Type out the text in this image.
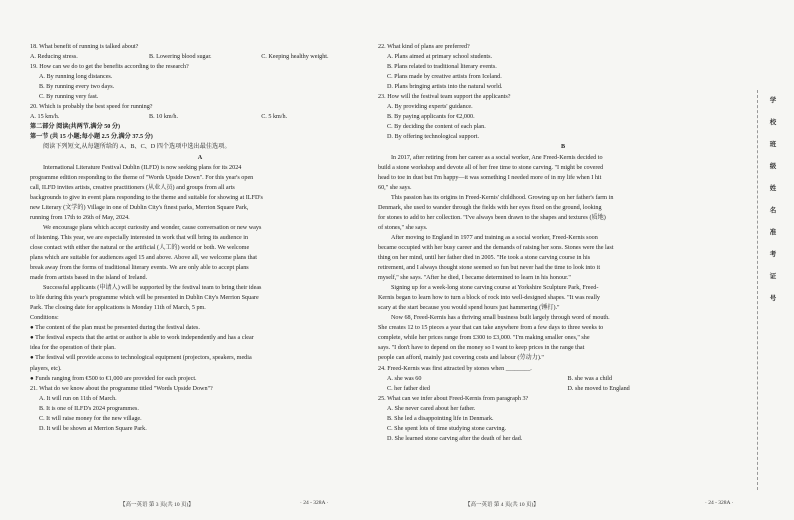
18. What benefit of running is talked about?

A. Reducing stress.	B. Lowering blood sugar.	C. Keeping healthy weight.

19. How can we do to get the benefits according to the research?

A. By running long distances.

B. By running every two days.

C. By running very fast.

20. Which is probably the best speed for running?

A. 15 km/h.	B. 10 km/h.	C. 5 km/h.

第二部分 阅读(共两节,满分 50 分)

第一节 (共 15 小题;每小题 2.5 分,满分 37.5 分)

阅读下列短文,从每题所给的 A、B、C、D 四个选项中选出最佳选项。

A

International Literature Festival Dublin (ILFD) is now seeking plans for its 2024

programme edition responding to the theme of "Words Upside Down". For this year's open

call, ILFD invites artists, creative practitioners (从业人员) and groups from all arts

backgrounds to give in event plans responding to the theme and suitable for showing at ILFD's

new Literary (文学的) Village in one of Dublin City's finest parks, Merrion Square Park,

running from 17th to 26th of May, 2024.

We encourage plans which accept curiosity and wonder, cause conversation or new ways

of listening. This year, we are especially interested in work that will bring its audience in

close contact with either the natural or the artificial (人工的) world or both. We welcome

plans which are suitable for audiences aged 15 and above. Above all, we welcome plans that

break away from the forms of traditional literary events. We are only able to accept plans

made from artists based in the island of Ireland.

Successful applicants (申请人) will be supported by the festival team to bring their ideas

to life during this year's programme which will be presented in Dublin City's Merrion Square

Park. The closing date for applications is Monday 11th of March, 5 pm.

Conditions:

● The content of the plan must be presented during the festival dates.

● The festival expects that the artist or author is able to work independently and has a clear

idea for the operation of their plan.

● The festival will provide access to technological equipment (projectors, speakers, media

players, etc).

● Funds ranging from €500 to €1,000 are provided for each project.

21. What do we know about the programme titled "Words Upside Down"?

A. It will run on 11th of March.

B. It is one of ILFD's 2024 programmes.

C. It will raise money for the new village.

D. It will be shown at Merrion Square Park.

22. What kind of plans are preferred?

A. Plans aimed at primary school students.

B. Plans related to traditional literary events.

C. Plans made by creative artists from Iceland.

D. Plans bringing artists into the natural world.

23. How will the festival team support the applicants?

A. By providing experts' guidance.

B. By paying applicants for €2,000.

C. By deciding the content of each plan.

D. By offering technological support.

B

In 2017, after retiring from her career as a social worker, Ane Freed-Kernis decided to

build a stone workshop and devote all of her free time to stone carving. "I might be covered

head to toe in dust but I'm happy—it was something I needed more of in my life when I hit

60," she says.

This passion has its origins in Freed-Kernis' childhood. Growing up on her father's farm in

Denmark, she used to wander through the fields with her eyes fixed on the ground, looking

for stones to add to her collection. "I've always been drawn to the shapes and textures (质地)

of stones," she says.

After moving to England in 1977 and training as a social worker, Freed-Kernis soon

became occupied with her busy career and the demands of raising her sons. Stones were the last

thing on her mind, until her father died in 2005. "He took a stone carving course in his

retirement, and I always thought stone seemed so fun but never had the time to look into it

myself," she says. "After he died, I became determined to learn in his honour."

Signing up for a week-long stone carving course at Yorkshire Sculpture Park, Freed-

Kernis began to learn how to turn a block of rock into well-designed shapes. "It was really

scary at the start because you would spend hours just hammering (锤打)."

Now 68, Freed-Kernis has a thriving small business built largely through word of mouth.

She creates 12 to 15 pieces a year that can take anywhere from a few days to three weeks to

complete, while her prices range from £300 to £3,000. "I'm making smaller ones," she

says. "I don't have to depend on the money so I want to keep prices in the range that

people can afford, mainly just covering costs and labour (劳动力)."

24. Freed-Kernis was first attracted by stones when ________.

A. she was 60	B. she was a child

C. her father died	D. she moved to England

25. What can we infer about Freed-Kernis from paragraph 3?

A. She never cared about her father.

B. She led a disappointing life in Denmark.

C. She spent lots of time studying stone carving.

D. She learned stone carving after the death of her dad.

【高一英语 第 3 页(共 10 页)】	· 24 - 328A ·	【高一英语 第 4 页(共 10 页)】	· 24 - 328A ·
学
校
班
级
姓
名
准
考
证
号
